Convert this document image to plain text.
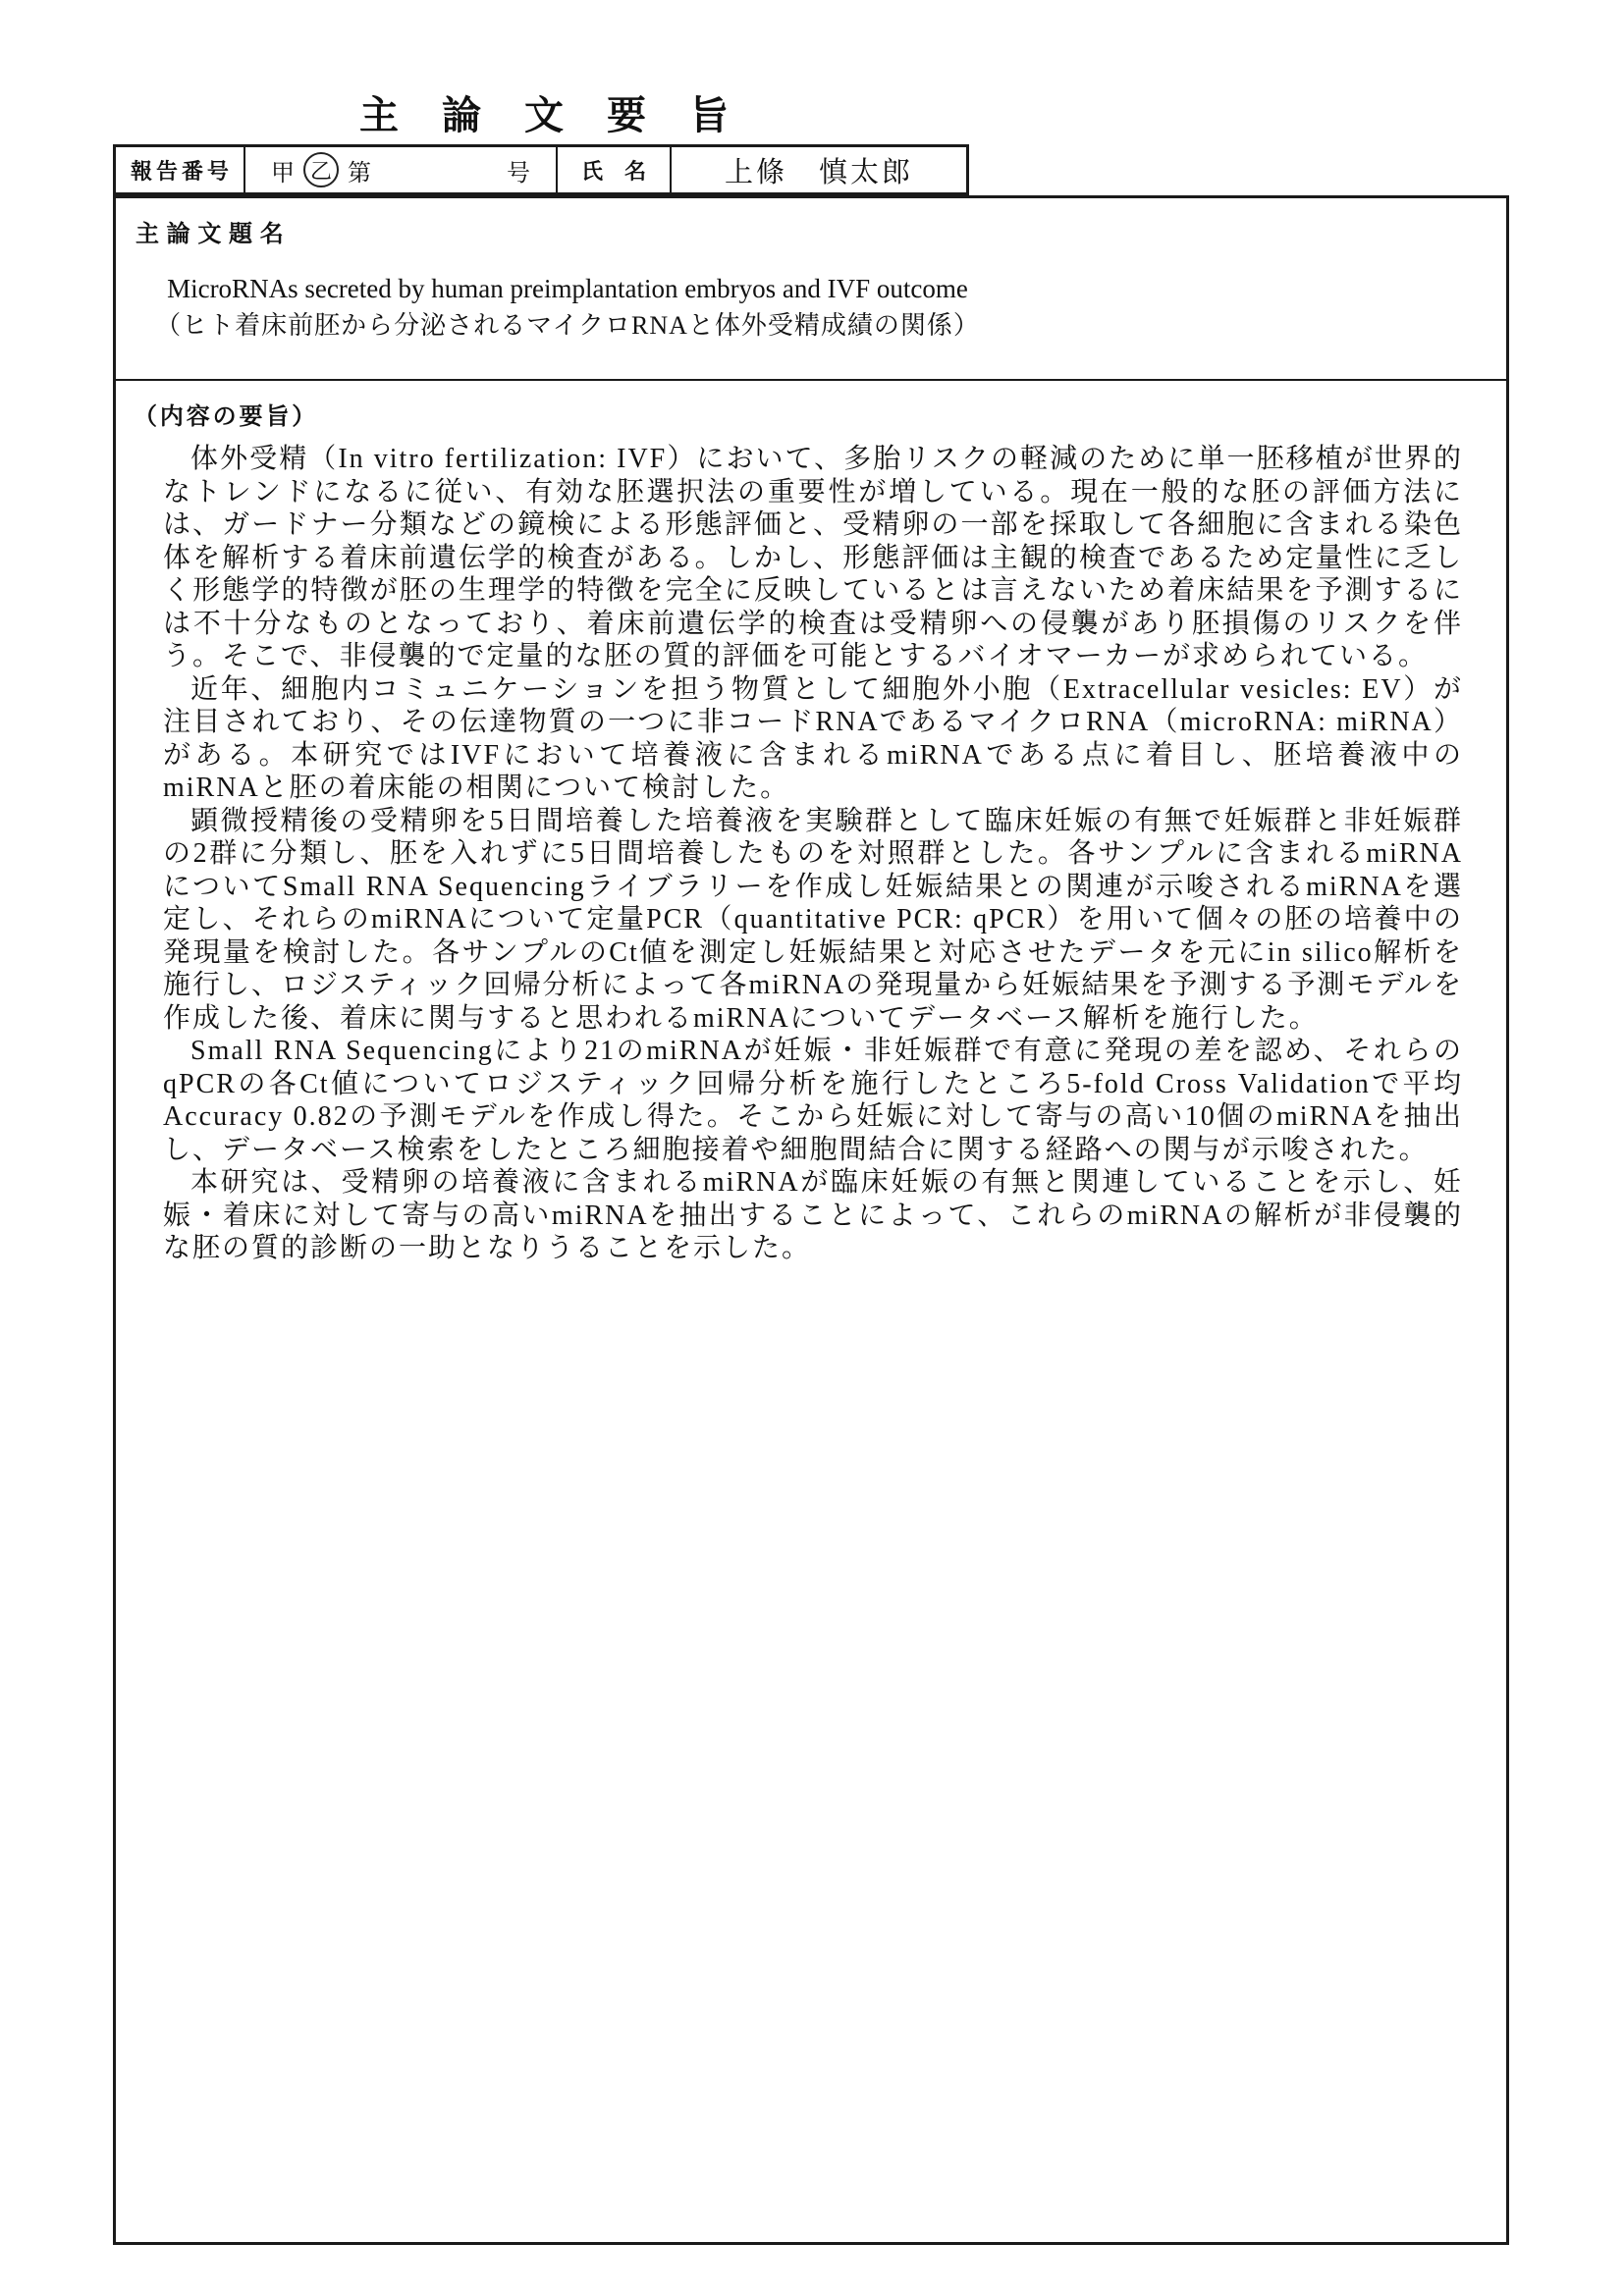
主　論　文　要　旨
報告番号 甲 乙 第	号 氏　名	上條　慎太郎
主論文題名
MicroRNAs secreted by human preimplantation embryos and IVF outcome
（ヒト着床前胚から分泌されるマイクロRNAと体外受精成績の関係）
（内容の要旨）

体外受精（In vitro fertilization: IVF）において、多胎リスクの軽減のために単一胚移植が世界的なトレンドになるに従い、有効な胚選択法の重要性が増している。現在一般的な胚の評価方法には、ガードナー分類などの鏡検による形態評価と、受精卵の一部を採取して各細胞に含まれる染色体を解析する着床前遺伝学的検査がある。しかし、形態評価は主観的検査であるため定量性に乏しく形態学的特徴が胚の生理学的特徴を完全に反映しているとは言えないため着床結果を予測するには不十分なものとなっており、着床前遺伝学的検査は受精卵への侵襲があり胚損傷のリスクを伴う。そこで、非侵襲的で定量的な胚の質的評価を可能とするバイオマーカーが求められている。

近年、細胞内コミュニケーションを担う物質として細胞外小胞（Extracellular vesicles: EV）が注目されており、その伝達物質の一つに非コードRNAであるマイクロRNA（microRNA: miRNA）がある。本研究ではIVFにおいて培養液に含まれるmiRNAである点に着目し、胚培養液中のmiRNAと胚の着床能の相関について検討した。

顕微授精後の受精卵を5日間培養した培養液を実験群として臨床妊娠の有無で妊娠群と非妊娠群の2群に分類し、胚を入れずに5日間培養したものを対照群とした。各サンプルに含まれるmiRNAについてSmall RNA Sequencingライブラリーを作成し妊娠結果との関連が示唆されるmiRNAを選定し、それらのmiRNAについて定量PCR（quantitative PCR: qPCR）を用いて個々の胚の培養中の発現量を検討した。各サンプルのCt値を測定し妊娠結果と対応させたデータを元にin silico解析を施行し、ロジスティック回帰分析によって各miRNAの発現量から妊娠結果を予測する予測モデルを作成した後、着床に関与すると思われるmiRNAについてデータベース解析を施行した。

Small RNA Sequencingにより21のmiRNAが妊娠・非妊娠群で有意に発現の差を認め、それらのqPCRの各Ct値についてロジスティック回帰分析を施行したところ5-fold Cross Validationで平均 Accuracy 0.82の予測モデルを作成し得た。そこから妊娠に対して寄与の高い10個のmiRNAを抽出し、データベース検索をしたところ細胞接着や細胞間結合に関する経路への関与が示唆された。

本研究は、受精卵の培養液に含まれるmiRNAが臨床妊娠の有無と関連していることを示し、妊娠・着床に対して寄与の高いmiRNAを抽出することによって、これらのmiRNAの解析が非侵襲的な胚の質的診断の一助となりうることを示した。
